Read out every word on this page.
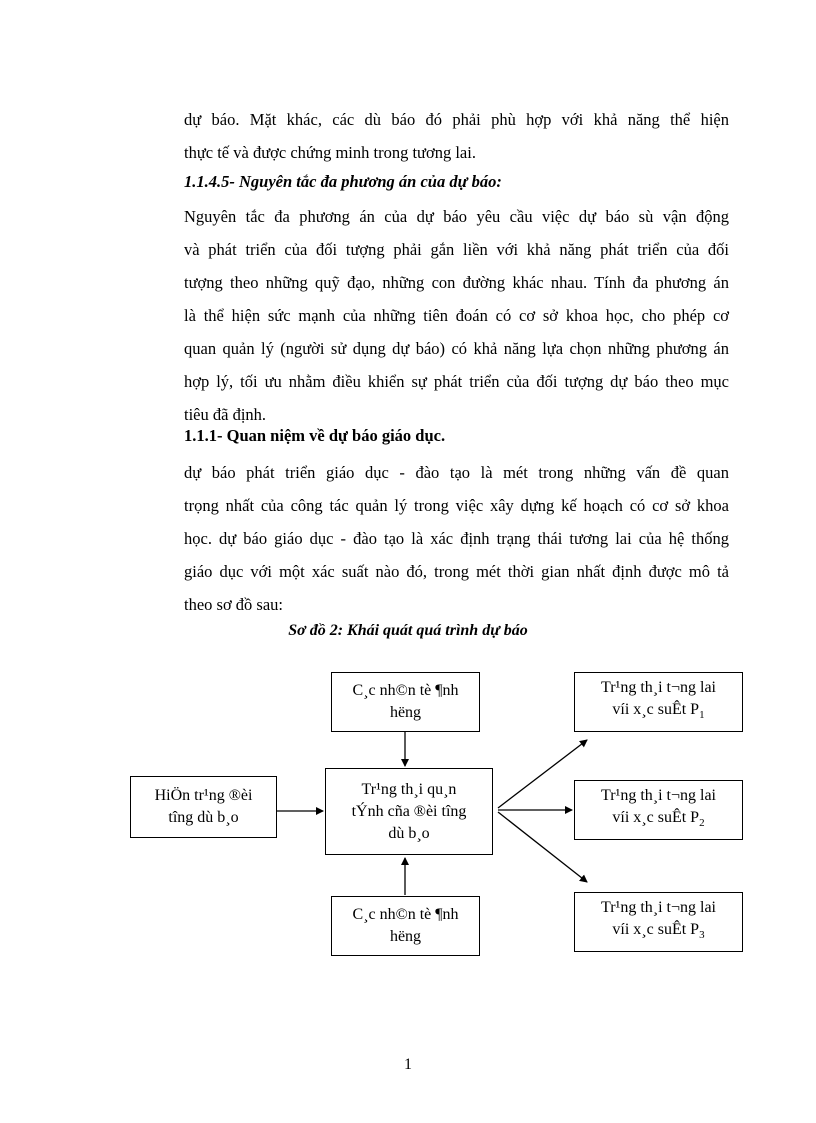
dự báo. Mặt khác, các dù báo đó phải phù hợp với khả năng thể hiện
thực tế và được chứng minh trong tương lai.
1.1.4.5- Nguyên tắc đa phương án của dự báo:
Nguyên tắc đa phương án của dự báo yêu cầu việc dự báo sù vận động
và phát triển của đối tượng phải gắn liền với khả năng phát triển của đối
tượng theo những quỹ đạo, những con đường khác nhau. Tính đa phương án
là thể hiện sức mạnh của những tiên đoán có cơ sở khoa học, cho phép cơ
quan quản lý (người sử dụng dự báo) có khả năng lựa chọn những phương án
hợp lý, tối ưu nhằm điều khiển sự phát triển của đối tượng dự báo theo mục
tiêu đã định.
1.1.1- Quan niệm về dự báo giáo dục.
dự báo phát triển giáo dục - đào tạo là mét trong những vấn đề quan
trọng nhất của công tác quản lý trong việc xây dựng kế hoạch có cơ sở khoa
học. dự báo giáo dục - đào tạo là xác định trạng thái tương lai của hệ thống
giáo dục với một xác suất nào đó, trong mét thời gian nhất định được mô tả
theo sơ đồ sau:
Sơ đồ 2: Khái quát quá trình dự báo
C¸c nh©n tè ¶nh
hëng
HiÖn tr¹ng ®èi
tîng dù b¸o
Tr¹ng th¸i qu¸n
tÝnh cña ®èi tîng
dù b¸o
C¸c nh©n tè ¶nh
hëng
Tr¹ng th¸i t¬ng lai
víi x¸c suÊt $P_1$
Tr¹ng th¸i t¬ng lai
víi x¸c suÊt $P_2$
Tr¹ng th¸i t¬ng lai
víi x¸c suÊt $P_3$
1
